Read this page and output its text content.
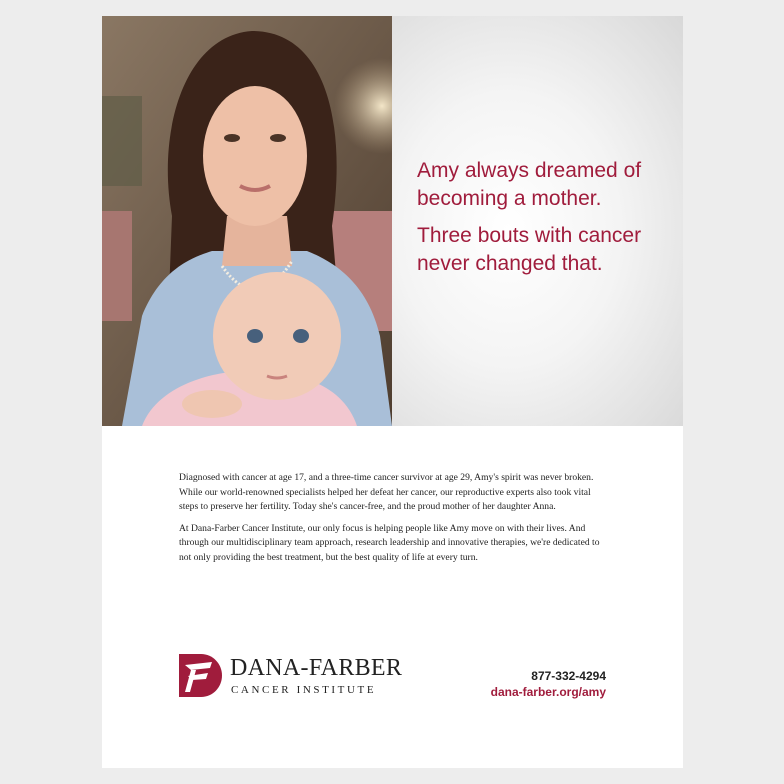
Amy always dreamed of becoming a mother.

Three bouts with cancer never changed that.

Diagnosed with cancer at age 17, and a three-time cancer survivor at age 29, Amy's spirit was never broken. While our world-renowned specialists helped her defeat her cancer, our reproductive experts also took vital steps to preserve her fertility. Today she's cancer-free, and the proud mother of her daughter Anna.

At Dana-Farber Cancer Institute, our only focus is helping people like Amy move on with their lives. And through our multidisciplinary team approach, research leadership and innovative therapies, we're dedicated to not only providing the best treatment, but the best quality of life at every turn.

DANA-FARBER
CANCER INSTITUTE
877-332-4294
dana-farber.org/amy
